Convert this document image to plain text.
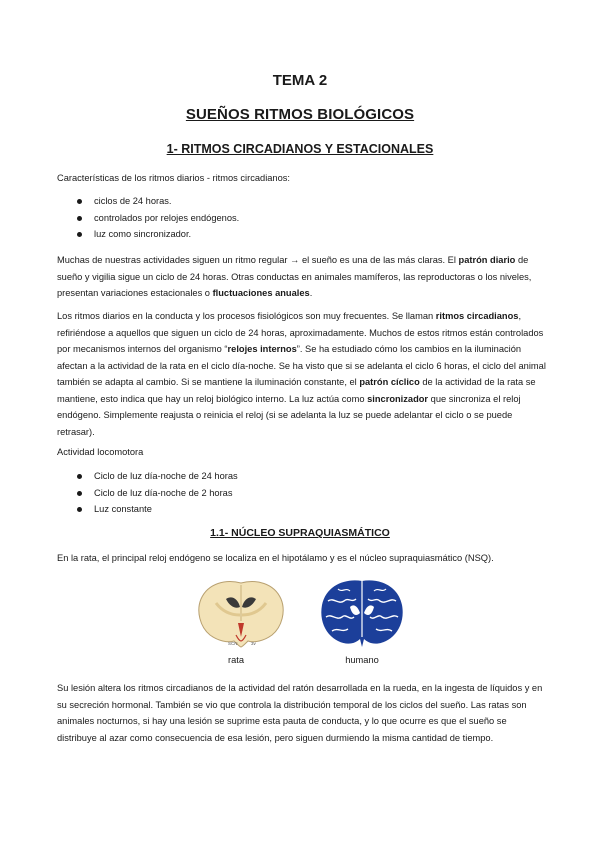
TEMA 2
SUEÑOS RITMOS BIOLÓGICOS
1- RITMOS CIRCADIANOS Y ESTACIONALES

Características de los ritmos diarios - ritmos circadianos:

ciclos de 24 horas.
controlados por relojes endógenos.
luz como sincronizador.

Muchas de nuestras actividades siguen un ritmo regular → el sueño es una de las más claras. El patrón diario de sueño y vigilia sigue un ciclo de 24 horas. Otras conductas en animales mamíferos, las reproductoras o los niveles, presentan variaciones estacionales o fluctuaciones anuales.

Los ritmos diarios en la conducta y los procesos fisiológicos son muy frecuentes. Se llaman ritmos circadianos, refiriéndose a aquellos que siguen un ciclo de 24 horas, aproximadamente. Muchos de estos ritmos están controlados por mecanismos internos del organismo “relojes internos”. Se ha estudiado cómo los cambios en la iluminación afectan a la actividad de la rata en el ciclo día-noche. Se ha visto que si se adelanta el ciclo 6 horas, el ciclo del animal también se adapta al cambio. Si se mantiene la iluminación constante, el patrón cíclico de la actividad de la rata se mantiene, esto indica que hay un reloj biológico interno. La luz actúa como sincronizador que sincroniza el reloj endógeno. Simplemente reajusta o reinicia el reloj (si se adelanta la luz se puede adelantar el ciclo o se puede retrasar).

Actividad locomotora

Ciclo de luz día-noche de 24 horas
Ciclo de luz día-noche de 2 horas
Luz constante
1.1- NÚCLEO SUPRAQUIASMÁTICO

En la rata, el principal reloj endógeno se localiza en el hipotálamo y es el núcleo supraquiasmático (NSQ).

SCN	3v
rata	humano

Su lesión altera los ritmos circadianos de la actividad del ratón desarrollada en la rueda, en la ingesta de líquidos y en su secreción hormonal. También se vio que controla la distribución temporal de los ciclos del sueño. Las ratas son animales nocturnos, si hay una lesión se suprime esta pauta de conducta, y lo que ocurre es que el sueño se distribuye al azar como consecuencia de esa lesión, pero siguen durmiendo la misma cantidad de tiempo.
